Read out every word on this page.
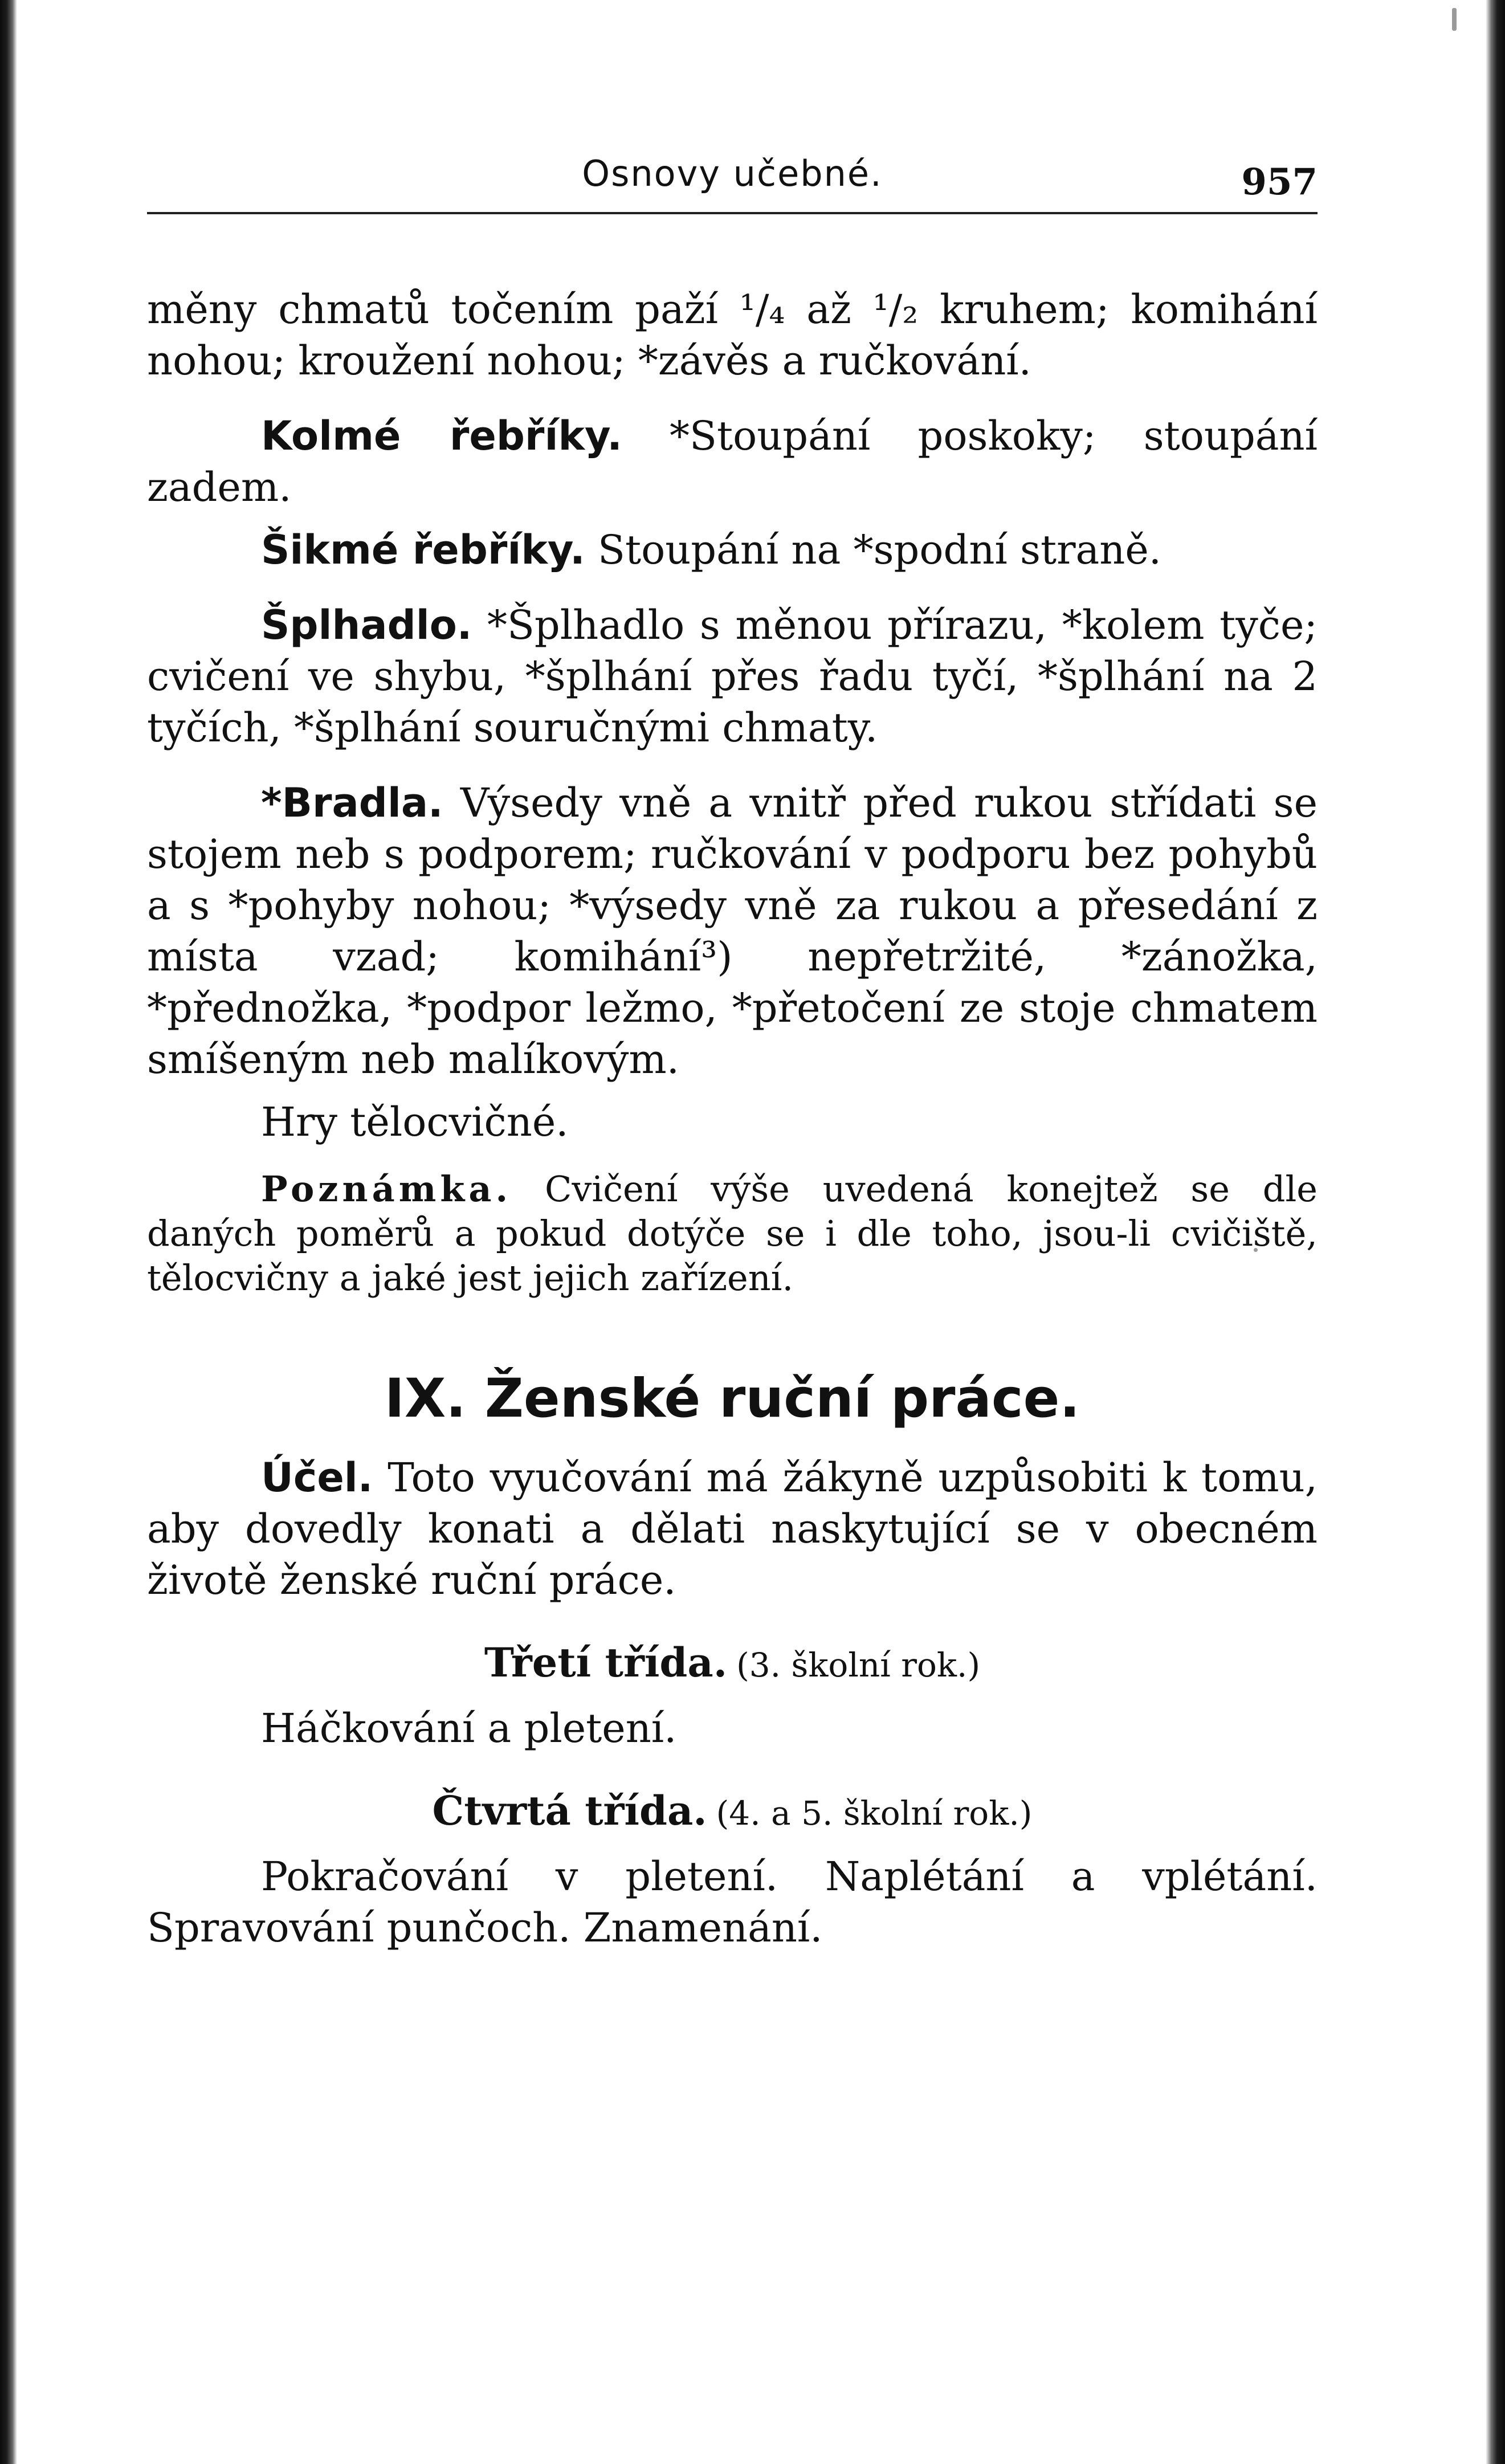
Osnovy učebné.	957

měny chmatů točením paží ¹/₄ až ¹/₂ kruhem; komihání nohou; kroužení nohou; *závěs a ručkování.

Kolmé řebříky. *Stoupání poskoky; stoupání zadem.

Šikmé řebříky. Stoupání na *spodní straně.

Šplhadlo. *Šplhadlo s měnou přírazu, *kolem tyče; cvičení ve shybu, *šplhání přes řadu tyčí, *šplhání na 2 tyčích, *šplhání souručnými chmaty.

*Bradla. Výsedy vně a vnitř před rukou střídati se stojem neb s podporem; ručkování v podporu bez pohybů a s *pohyby nohou; *výsedy vně za rukou a přesedání z místa vzad; komihání³) nepřetržité, *zánožka, *přednožka, *podpor ležmo, *přetočení ze stoje chmatem smíšeným neb malíkovým.

Hry tělocvičné.

Poznámka. Cvičení výše uvedená konejtež se dle daných poměrů a pokud dotýče se i dle toho, jsou-li cvičiště, tělocvičny a jaké jest jejich zařízení.

IX. Ženské ruční práce.

Účel. Toto vyučování má žákyně uzpůsobiti k tomu, aby dovedly konati a dělati naskytující se v obecném životě ženské ruční práce.

Třetí třída. (3. školní rok.)

Háčkování a pletení.

Čtvrtá třída. (4. a 5. školní rok.)

Pokračování v pletení. Naplétání a vplétání. Spravování punčoch. Znamenání.
